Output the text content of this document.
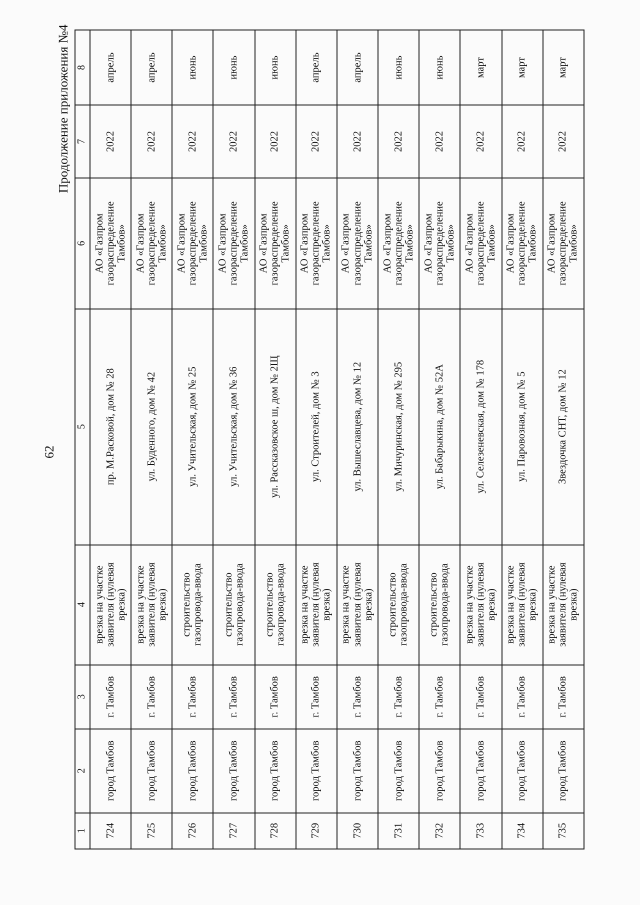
62
Продолжение приложения №4
1	2	3	4	5	6	7	8
724	город Тамбов	г. Тамбов	врезка на участке заявителя (нулевая врезка)	пр. М.Расковой, дом № 28	АО «Газпром газораспределение Тамбов»	2022	апрель
725	город Тамбов	г. Тамбов	врезка на участке заявителя (нулевая врезка)	ул. Буденного, дом № 42	АО «Газпром газораспределение Тамбов»	2022	апрель
726	город Тамбов	г. Тамбов	строительство газопровода-ввода	ул. Учительская, дом № 25	АО «Газпром газораспределение Тамбов»	2022	июнь
727	город Тамбов	г. Тамбов	строительство газопровода-ввода	ул. Учительская, дом № 36	АО «Газпром газораспределение Тамбов»	2022	июнь
728	город Тамбов	г. Тамбов	строительство газопровода-ввода	ул. Рассказовское ш, дом № 2Щ	АО «Газпром газораспределение Тамбов»	2022	июнь
729	город Тамбов	г. Тамбов	врезка на участке заявителя (нулевая врезка)	ул. Строителей, дом № 3	АО «Газпром газораспределение Тамбов»	2022	апрель
730	город Тамбов	г. Тамбов	врезка на участке заявителя (нулевая врезка)	ул. Вышеславцева, дом № 12	АО «Газпром газораспределение Тамбов»	2022	апрель
731	город Тамбов	г. Тамбов	строительство газопровода-ввода	ул. Мичуринская, дом № 295	АО «Газпром газораспределение Тамбов»	2022	июнь
732	город Тамбов	г. Тамбов	строительство газопровода-ввода	ул. Бабарыкина, дом № 52А	АО «Газпром газораспределение Тамбов»	2022	июнь
733	город Тамбов	г. Тамбов	врезка на участке заявителя (нулевая врезка)	ул. Селезеневская, дом № 178	АО «Газпром газораспределение Тамбов»	2022	март
734	город Тамбов	г. Тамбов	врезка на участке заявителя (нулевая врезка)	ул. Паровозная, дом № 5	АО «Газпром газораспределение Тамбов»	2022	март
735	город Тамбов	г. Тамбов	врезка на участке заявителя (нулевая врезка)	Звездочка СНТ, дом № 12	АО «Газпром газораспределение Тамбов»	2022	март
